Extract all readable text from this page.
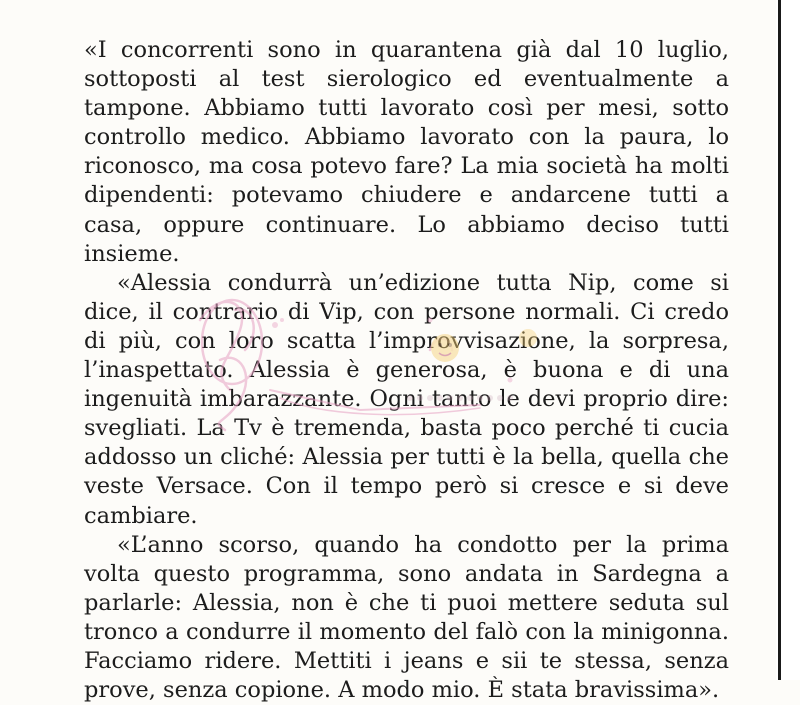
«I concorrenti sono in quarantena già dal 10 luglio, sottoposti al test sierologico ed eventualmente a tampone. Abbiamo tutti lavorato così per mesi, sotto controllo medico. Abbiamo lavorato con la paura, lo riconosco, ma cosa potevo fare? La mia società ha molti dipendenti: potevamo chiudere e andarcene tutti a casa, oppure continuare. Lo abbiamo deciso tutti insieme.

«Alessia condurrà un’edizione tutta Nip, come si dice, il contrario di Vip, con persone normali. Ci credo di più, con loro scatta l’improvvisazione, la sorpresa, l’inaspettato. Alessia è generosa, è buona e di una ingenuità imbarazzante. Ogni tanto le devi proprio dire: svegliati. La Tv è tremenda, basta poco perché ti cucia addosso un cliché: Alessia per tutti è la bella, quella che veste Versace. Con il tempo però si cresce e si deve cambiare.

«L’anno scorso, quando ha condotto per la prima volta questo programma, sono andata in Sardegna a parlarle: Alessia, non è che ti puoi mettere seduta sul tronco a condurre il momento del falò con la minigonna. Facciamo ridere. Mettiti i jeans e sii te stessa, senza prove, senza copione. A modo mio. È stata bravissima».
